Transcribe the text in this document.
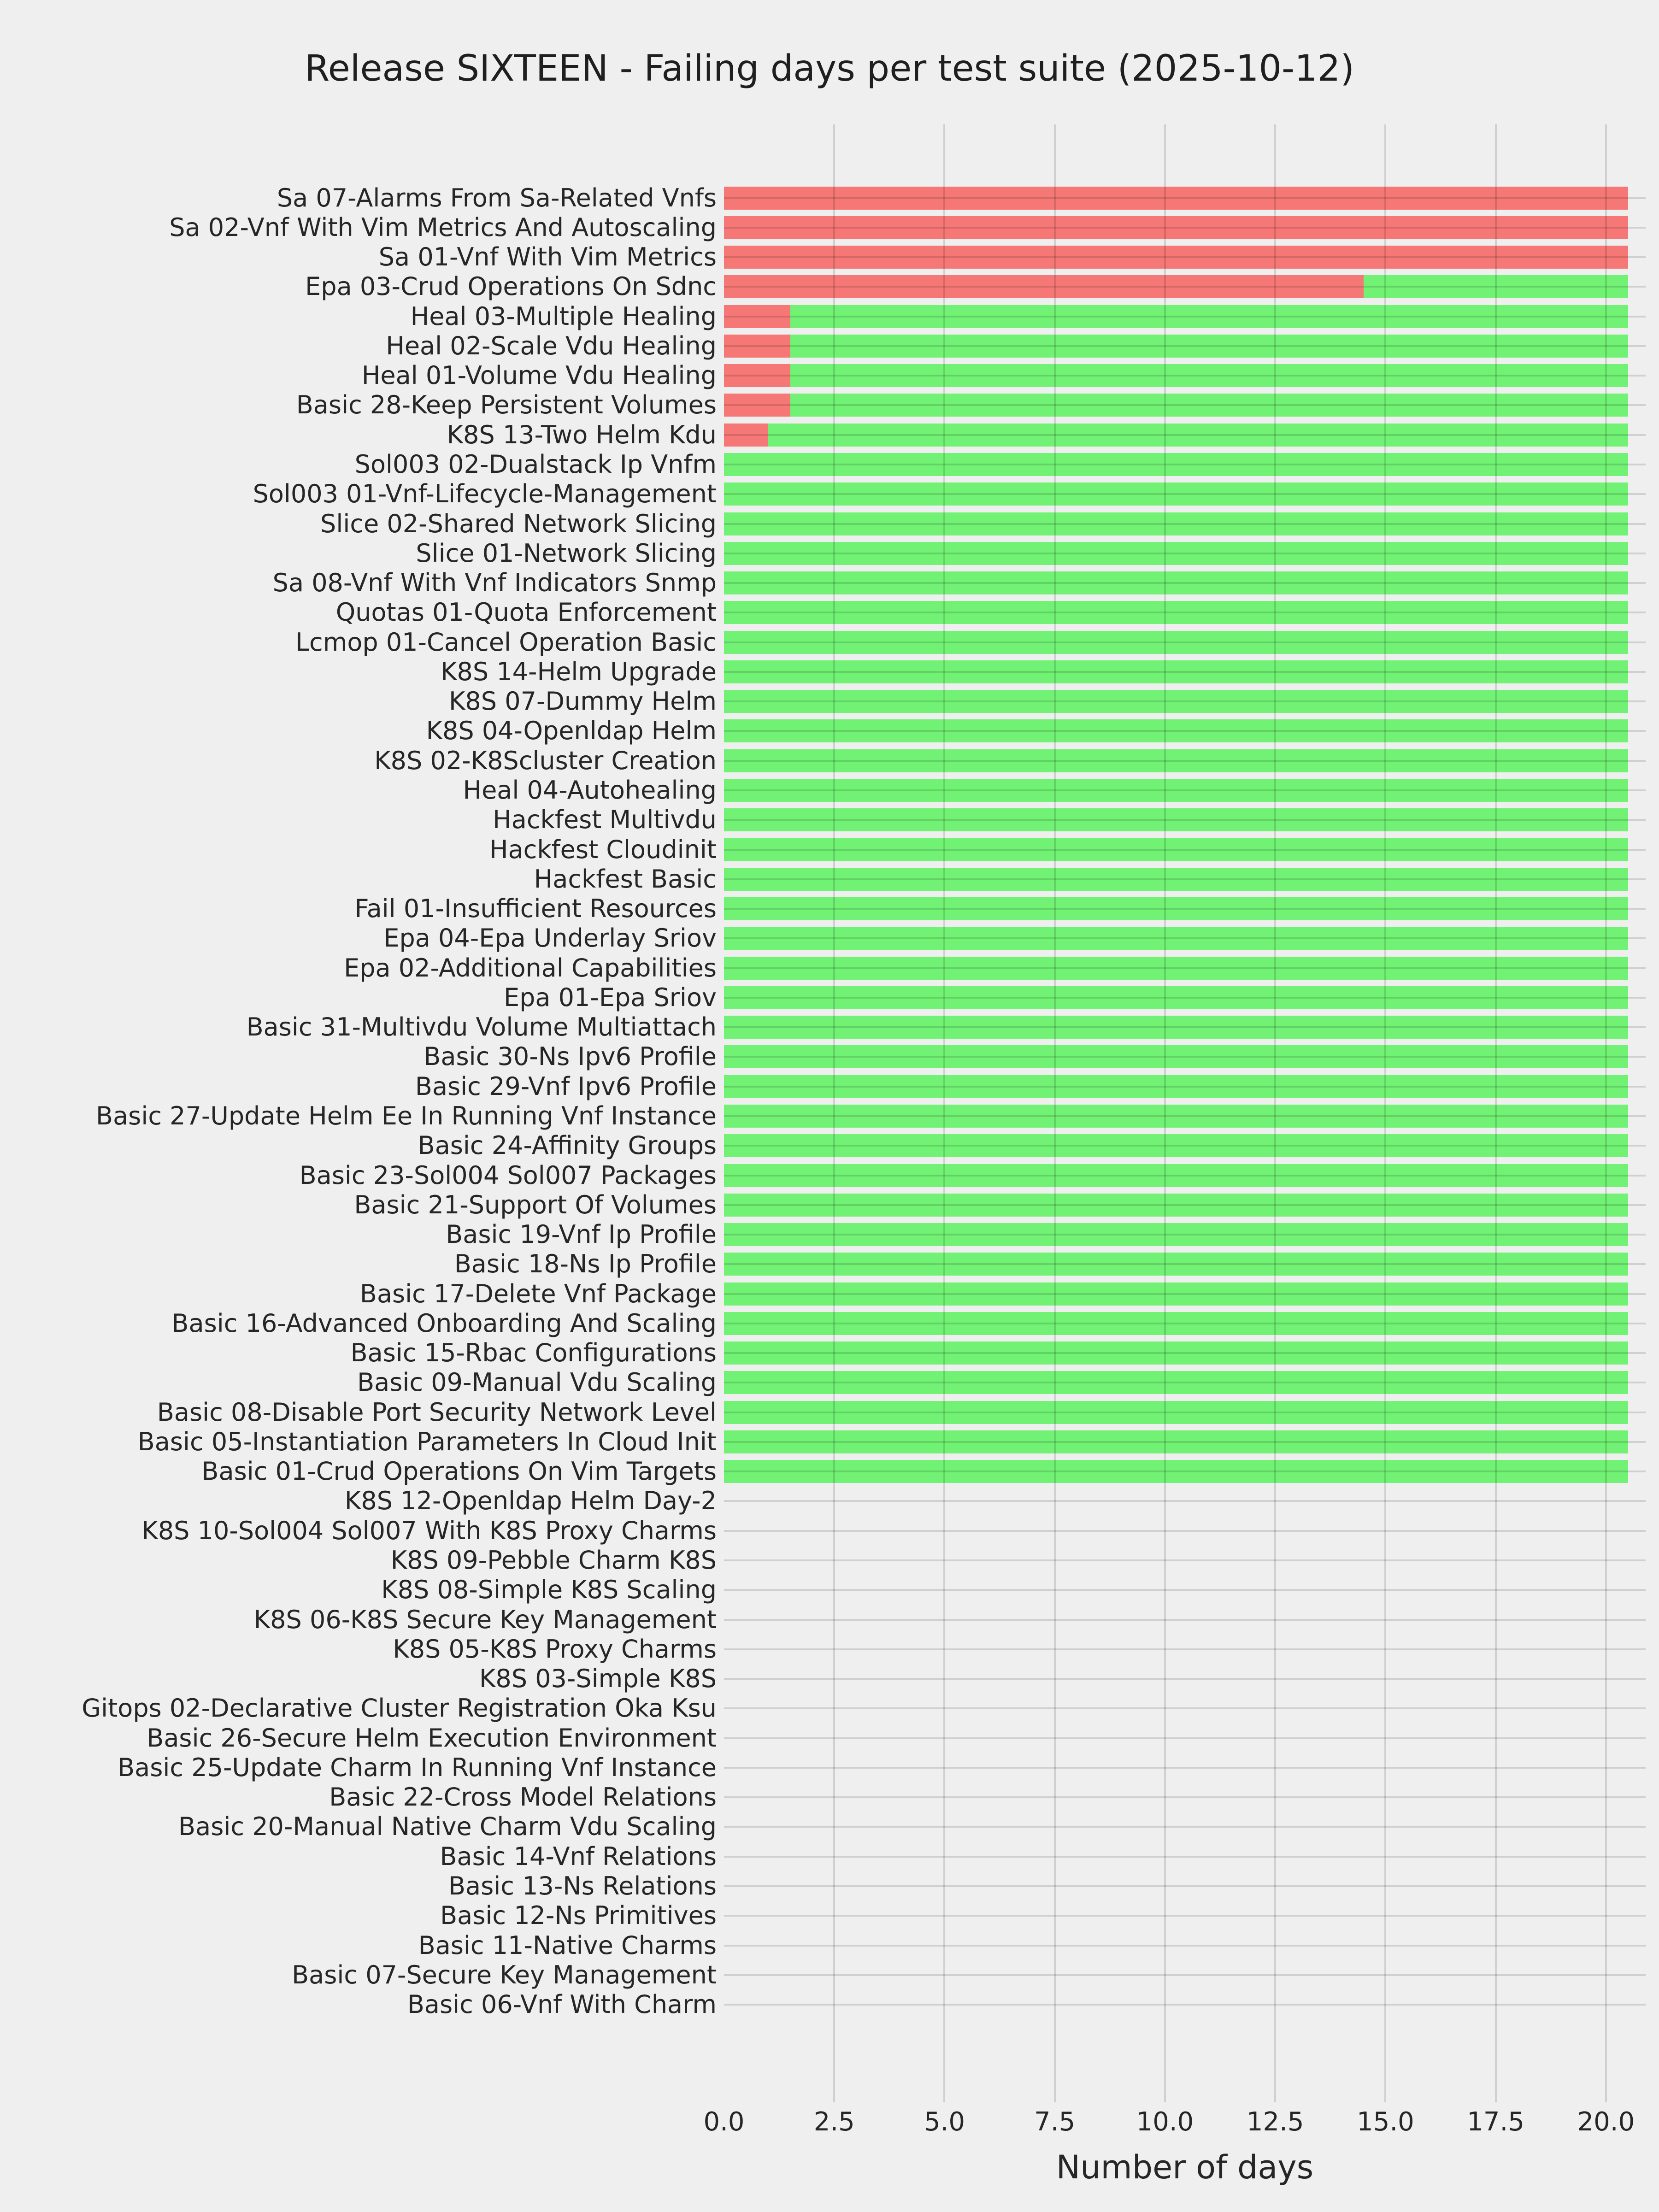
Release SIXTEEN - Failing days per test suite (2025-10-12)
Sa 07-Alarms From Sa-Related Vnfs
Sa 02-Vnf With Vim Metrics And Autoscaling
Sa 01-Vnf With Vim Metrics
Epa 03-Crud Operations On Sdnc
Heal 03-Multiple Healing
Heal 02-Scale Vdu Healing
Heal 01-Volume Vdu Healing
Basic 28-Keep Persistent Volumes
K8S 13-Two Helm Kdu
Sol003 02-Dualstack Ip Vnfm
Sol003 01-Vnf-Lifecycle-Management
Slice 02-Shared Network Slicing
Slice 01-Network Slicing
Sa 08-Vnf With Vnf Indicators Snmp
Quotas 01-Quota Enforcement
Lcmop 01-Cancel Operation Basic
K8S 14-Helm Upgrade
K8S 07-Dummy Helm
K8S 04-Openldap Helm
K8S 02-K8Scluster Creation
Heal 04-Autohealing
Hackfest Multivdu
Hackfest Cloudinit
Hackfest Basic
Fail 01-Insufficient Resources
Epa 04-Epa Underlay Sriov
Epa 02-Additional Capabilities
Epa 01-Epa Sriov
Basic 31-Multivdu Volume Multiattach
Basic 30-Ns Ipv6 Profile
Basic 29-Vnf Ipv6 Profile
Basic 27-Update Helm Ee In Running Vnf Instance
Basic 24-Affinity Groups
Basic 23-Sol004 Sol007 Packages
Basic 21-Support Of Volumes
Basic 19-Vnf Ip Profile
Basic 18-Ns Ip Profile
Basic 17-Delete Vnf Package
Basic 16-Advanced Onboarding And Scaling
Basic 15-Rbac Configurations
Basic 09-Manual Vdu Scaling
Basic 08-Disable Port Security Network Level
Basic 05-Instantiation Parameters In Cloud Init
Basic 01-Crud Operations On Vim Targets
K8S 12-Openldap Helm Day-2
K8S 10-Sol004 Sol007 With K8S Proxy Charms
K8S 09-Pebble Charm K8S
K8S 08-Simple K8S Scaling
K8S 06-K8S Secure Key Management
K8S 05-K8S Proxy Charms
K8S 03-Simple K8S
Gitops 02-Declarative Cluster Registration Oka Ksu
Basic 26-Secure Helm Execution Environment
Basic 25-Update Charm In Running Vnf Instance
Basic 22-Cross Model Relations
Basic 20-Manual Native Charm Vdu Scaling
Basic 14-Vnf Relations
Basic 13-Ns Relations
Basic 12-Ns Primitives
Basic 11-Native Charms
Basic 07-Secure Key Management
Basic 06-Vnf With Charm
0.0	2.5	5.0	7.5	10.0	12.5	15.0	17.5	20.0
Number of days
